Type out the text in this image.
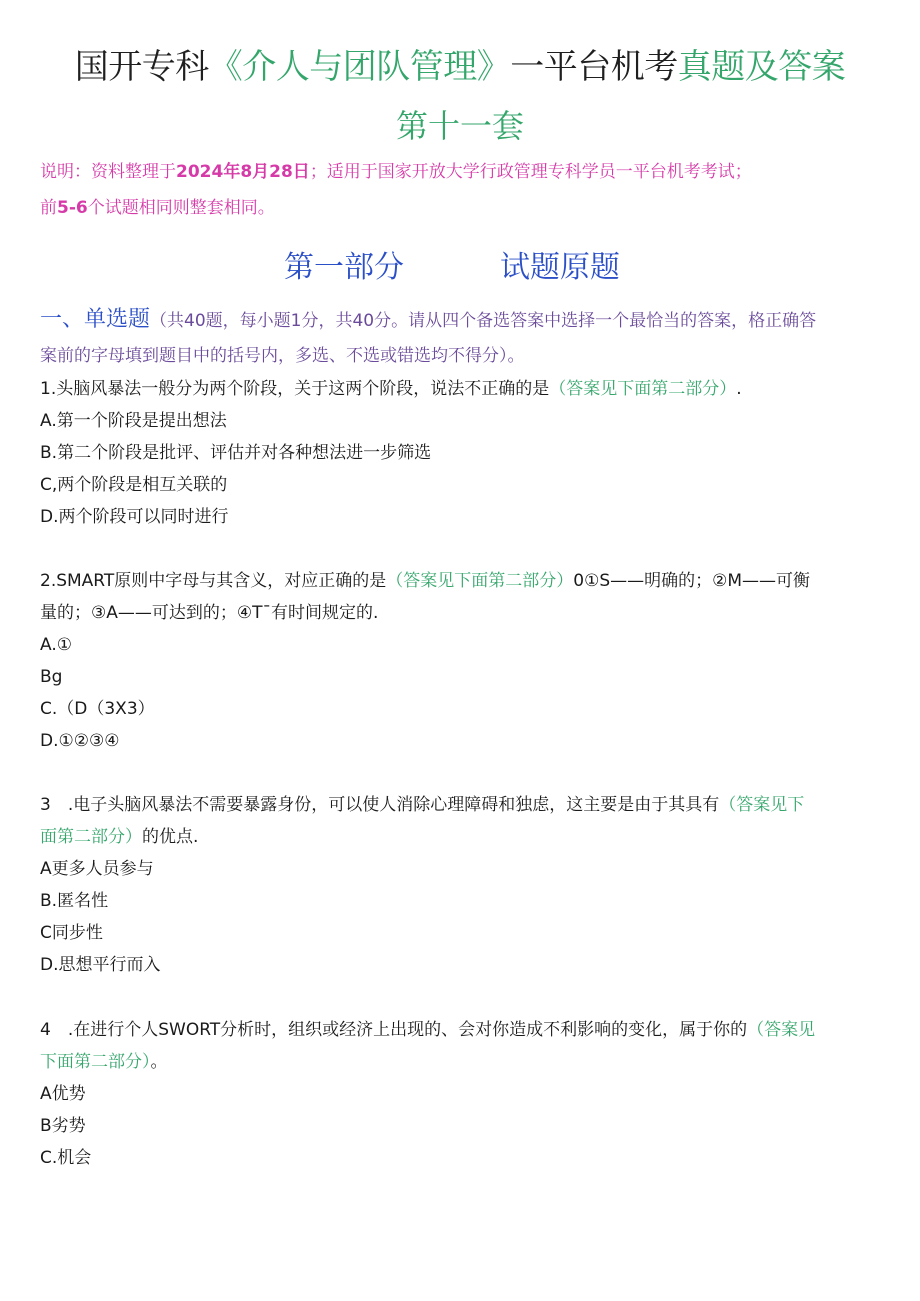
国开专科《介人与团队管理》一平台机考真题及答案
第十一套
说明：资料整理于2024年8月28日；适用于国家开放大学行政管理专科学员一平台机考考试；
前5-6个试题相同则整套相同。
第一部分	试题原题
一、单选题（共40题，每小题1分，共40分。请从四个备选答案中选择一个最恰当的答案，格正确答
案前的字母填到题目中的括号内，多选、不选或错选均不得分）。
1.头脑风暴法一般分为两个阶段，关于这两个阶段，说法不正确的是（答案见下面第二部分）.
A.第一个阶段是提出想法
B.第二个阶段是批评、评估并对各种想法进一步筛选
C,两个阶段是相互关联的
D.两个阶段可以同时进行
2.SMART原则中字母与其含义，对应正确的是（答案见下面第二部分）0①S——明确的；②M——可衡
量的；③A——可达到的；④T¯有时间规定的.
A.①
Bg
C.（D（3X3）
D.①②③④
3　.电子头脑风暴法不需要暴露身份，可以使人消除心理障碍和独虑，这主要是由于其具有（答案见下
面第二部分）的优点.
A更多人员参与
B.匿名性
C同步性
D.思想平行而入
4　.在进行个人SWORT分析时，组织或经济上出现的、会对你造成不利影响的变化，属于你的（答案见
下面第二部分）。
A优势
B劣势
C.机会
